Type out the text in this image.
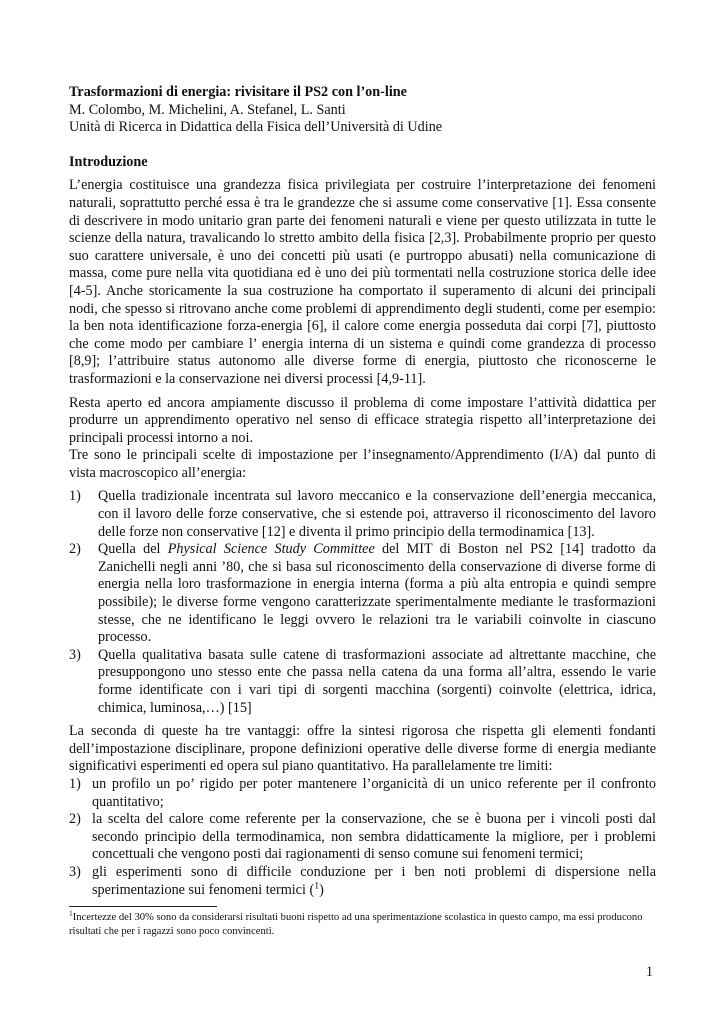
Trasformazioni di energia: rivisitare il PS2 con l’on-line

M. Colombo, M. Michelini, A. Stefanel, L. Santi

Unità di Ricerca in Didattica della Fisica dell’Università di Udine

Introduzione

L’energia costituisce una grandezza fisica privilegiata per costruire l’interpretazione dei fenomeni naturali, soprattutto perché essa è tra le grandezze che si assume come conservative [1]. Essa consente di descrivere in modo unitario gran parte dei fenomeni naturali e viene per questo utilizzata in tutte le scienze della natura, travalicando lo stretto ambito della fisica [2,3]. Probabilmente proprio per questo suo carattere universale, è uno dei concetti più usati (e purtroppo abusati) nella comunicazione di massa, come pure nella vita quotidiana ed è uno dei più tormentati nella costruzione storica delle idee [4-5]. Anche storicamente la sua costruzione ha comportato il superamento di alcuni dei principali nodi, che spesso si ritrovano anche come problemi di apprendimento degli studenti, come per esempio: la ben nota identificazione forza-energia [6], il calore come energia posseduta dai corpi [7], piuttosto che come modo per cambiare l’ energia interna di un sistema e quindi come grandezza di processo [8,9]; l’attribuire status autonomo alle diverse forme di energia, piuttosto che riconoscerne le trasformazioni e la conservazione nei diversi processi [4,9-11].

Resta aperto ed ancora ampiamente discusso il problema di come impostare l’attività didattica per produrre un apprendimento operativo nel senso di efficace strategia rispetto all’interpretazione dei principali processi intorno a noi.

Tre sono le principali scelte di impostazione per l’insegnamento/Apprendimento (I/A) dal punto di vista macroscopico all’energia:

1) Quella tradizionale incentrata sul lavoro meccanico e la conservazione dell’energia meccanica, con il lavoro delle forze conservative, che si estende poi, attraverso il riconoscimento del lavoro delle forze non conservative [12] e diventa il primo principio della termodinamica [13].
2) Quella del Physical Science Study Committee del MIT di Boston nel PS2 [14] tradotto da Zanichelli negli anni ’80, che si basa sul riconoscimento della conservazione di diverse forme di energia nella loro trasformazione in energia interna (forma a più alta entropia e quindi sempre possibile); le diverse forme vengono caratterizzate sperimentalmente mediante le trasformazioni stesse, che ne identificano le leggi ovvero le relazioni tra le variabili coinvolte in ciascuno processo.
3) Quella qualitativa basata sulle catene di trasformazioni associate ad altrettante macchine, che presuppongono uno stesso ente che passa nella catena da una forma all’altra, essendo le varie forme identificate con i vari tipi di sorgenti macchina (sorgenti) coinvolte (elettrica, idrica, chimica, luminosa,…) [15]

La seconda di queste ha tre vantaggi: offre la sintesi rigorosa che rispetta gli elementi fondanti dell’impostazione disciplinare, propone definizioni operative delle diverse forme di energia mediante significativi esperimenti ed opera sul piano quantitativo. Ha parallelamente tre limiti:

1) un profilo un po’ rigido per poter mantenere l’organicità di un unico referente per il confronto quantitativo;
2) la scelta del calore come referente per la conservazione, che se è buona per i vincoli posti dal secondo principio della termodinamica, non sembra didatticamente la migliore, per i problemi concettuali che vengono posti dai ragionamenti di senso comune sui fenomeni termici;
3) gli esperimenti sono di difficile conduzione per i ben noti problemi di dispersione nella sperimentazione sui fenomeni termici ($^1$)

$^1$Incertezze del 30% sono da considerarsi risultati buoni rispetto ad una sperimentazione scolastica in questo campo, ma essi producono risultati che per i ragazzi sono poco convincenti.

1
